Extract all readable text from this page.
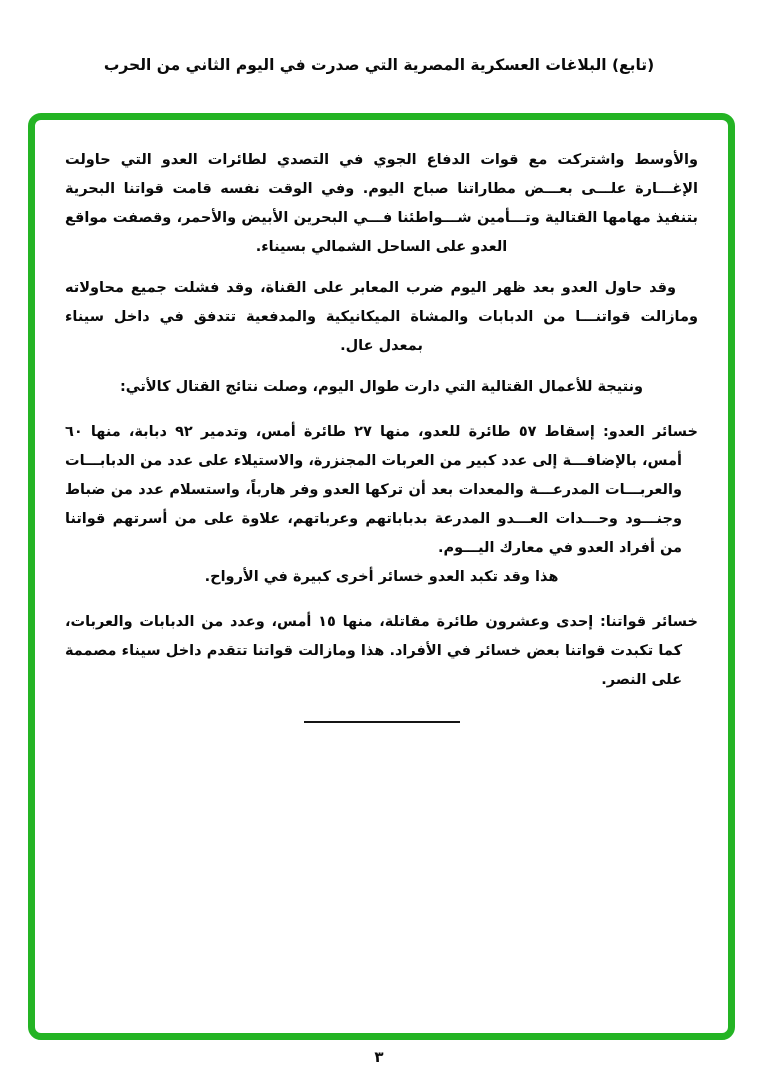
(تابع) البلاغات العسكرية المصرية التي صدرت في اليوم الثاني من الحرب

والأوسط واشتركت مع قوات الدفاع الجوي في التصدي لطائرات العدو التي حاولت الإغـــارة علـــى بعـــض مطاراتنا صباح اليوم. وفي الوقت نفسه قامت قواتنا البحرية بتنفيذ مهامها القتالية وتـــأمين شـــواطئنا فـــي البحرين الأبيض والأحمر، وقصفت مواقع العدو على الساحل الشمالي بسيناء.

وقد حاول العدو بعد ظهر اليوم ضرب المعابر على القناة، وقد فشلت جميع محاولاته ومازالت قواتنـــا من الدبابات والمشاة الميكانيكية والمدفعية تتدفق في داخل سيناء بمعدل عال.

ونتيجة للأعمال القتالية التي دارت طوال اليوم، وصلت نتائج القتال كالأتي:

خسائر العدو: إسقاط ٥٧ طائرة للعدو، منها ٢٧ طائرة أمس، وتدمير ٩٢ دبابة، منها ٦٠ أمس، بالإضافـــة إلى عدد كبير من العربات المجنزرة، والاستيلاء على عدد من الدبابـــات والعربـــات المدرعـــة والمعدات بعد أن تركها العدو وفر هارباً، واستسلام عدد من ضباط وجنـــود وحـــدات العـــدو المدرعة بدباباتهم وعرباتهم، علاوة على من أسرتهم قواتنا من أفراد العدو في معارك اليـــوم.

هذا وقد تكبد العدو خسائر أخرى كبيرة في الأرواح.

خسائر قواتنا: إحدى وعشرون طائرة مقاتلة، منها ١٥ أمس، وعدد من الدبابات والعربات، كما تكبدت قواتنا بعض خسائر في الأفراد. هذا ومازالت قواتنا تتقدم داخل سيناء مصممة على النصر.

٣
